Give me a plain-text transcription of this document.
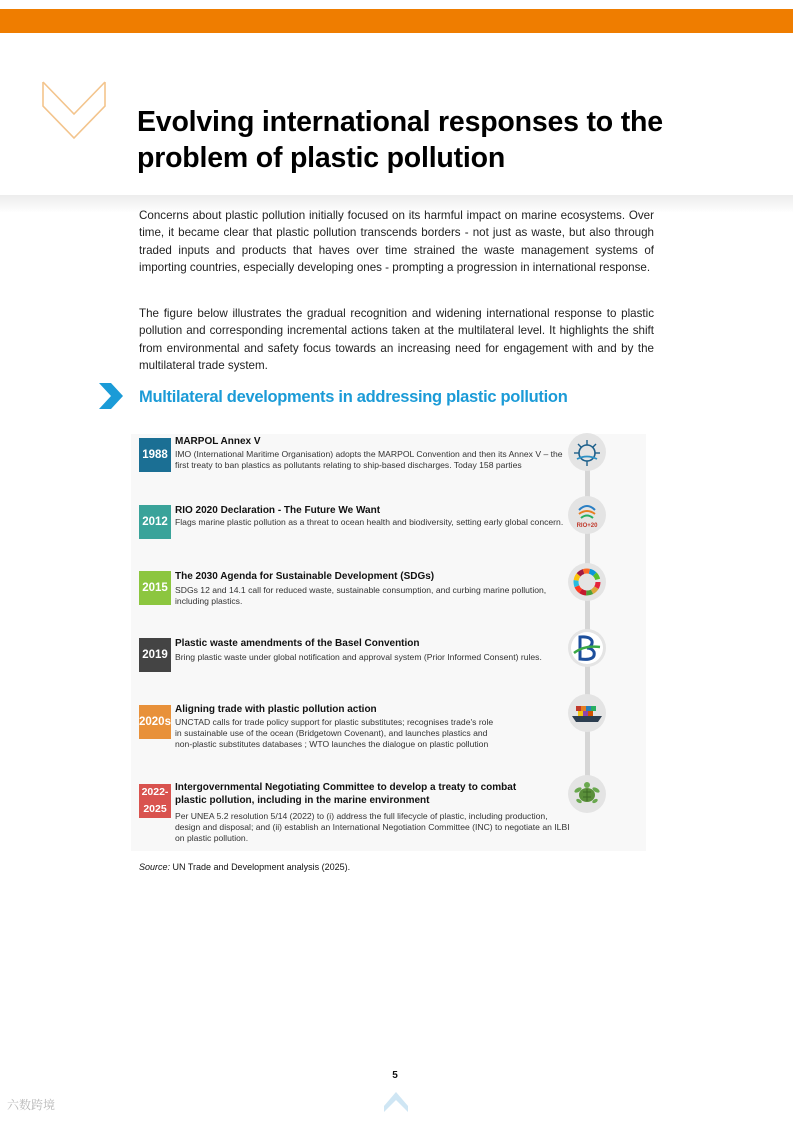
Evolving international responses to the problem of plastic pollution

Concerns about plastic pollution initially focused on its harmful impact on marine ecosystems. Over time, it became clear that plastic pollution transcends borders - not just as waste, but also through traded inputs and products that haves over time strained the waste management systems of importing countries, especially developing ones - prompting a progression in international response.

The figure below illustrates the gradual recognition and widening international response to plastic pollution and corresponding incremental actions taken at the multilateral level. It highlights the shift from environmental and safety focus towards an increasing need for engagement with and by the multilateral trade system.

Multilateral developments in addressing plastic pollution
1988

MARPOL Annex V

IMO (International Maritime Organisation) adopts the MARPOL Convention and then its Annex V – the first treaty to ban plastics as pollutants relating to ship-based discharges. Today 158 parties

2012

RIO 2020 Declaration - The Future We Want

Flags marine plastic pollution as a threat to ocean health and biodiversity, setting early global concern.	RIO+20
2015

The 2030 Agenda for Sustainable Development (SDGs)

SDGs 12 and 14.1 call for reduced waste, sustainable consumption, and curbing marine pollution, including plastics.

2019

Plastic waste amendments of the Basel Convention

Bring plastic waste under global notification and approval system (Prior Informed Consent) rules.

2020s

Aligning trade with plastic pollution action

UNCTAD calls for trade policy support for plastic substitutes; recognises trade's role in sustainable use of the ocean (Bridgetown Covenant), and launches plastics and non-plastic substitutes databases ; WTO launches the dialogue on plastic pollution

2022-
2025

Intergovernmental Negotiating Committee to develop a treaty to combat plastic pollution, including in the marine environment

Per UNEA 5.2 resolution 5/14 (2022) to (i) address the full lifecycle of plastic, including production, design and disposal; and (ii) establish an International Negotiation Committee (INC) to negotiate an ILBI on plastic pollution.

Source: UN Trade and Development analysis (2025).

5
六数跨境
